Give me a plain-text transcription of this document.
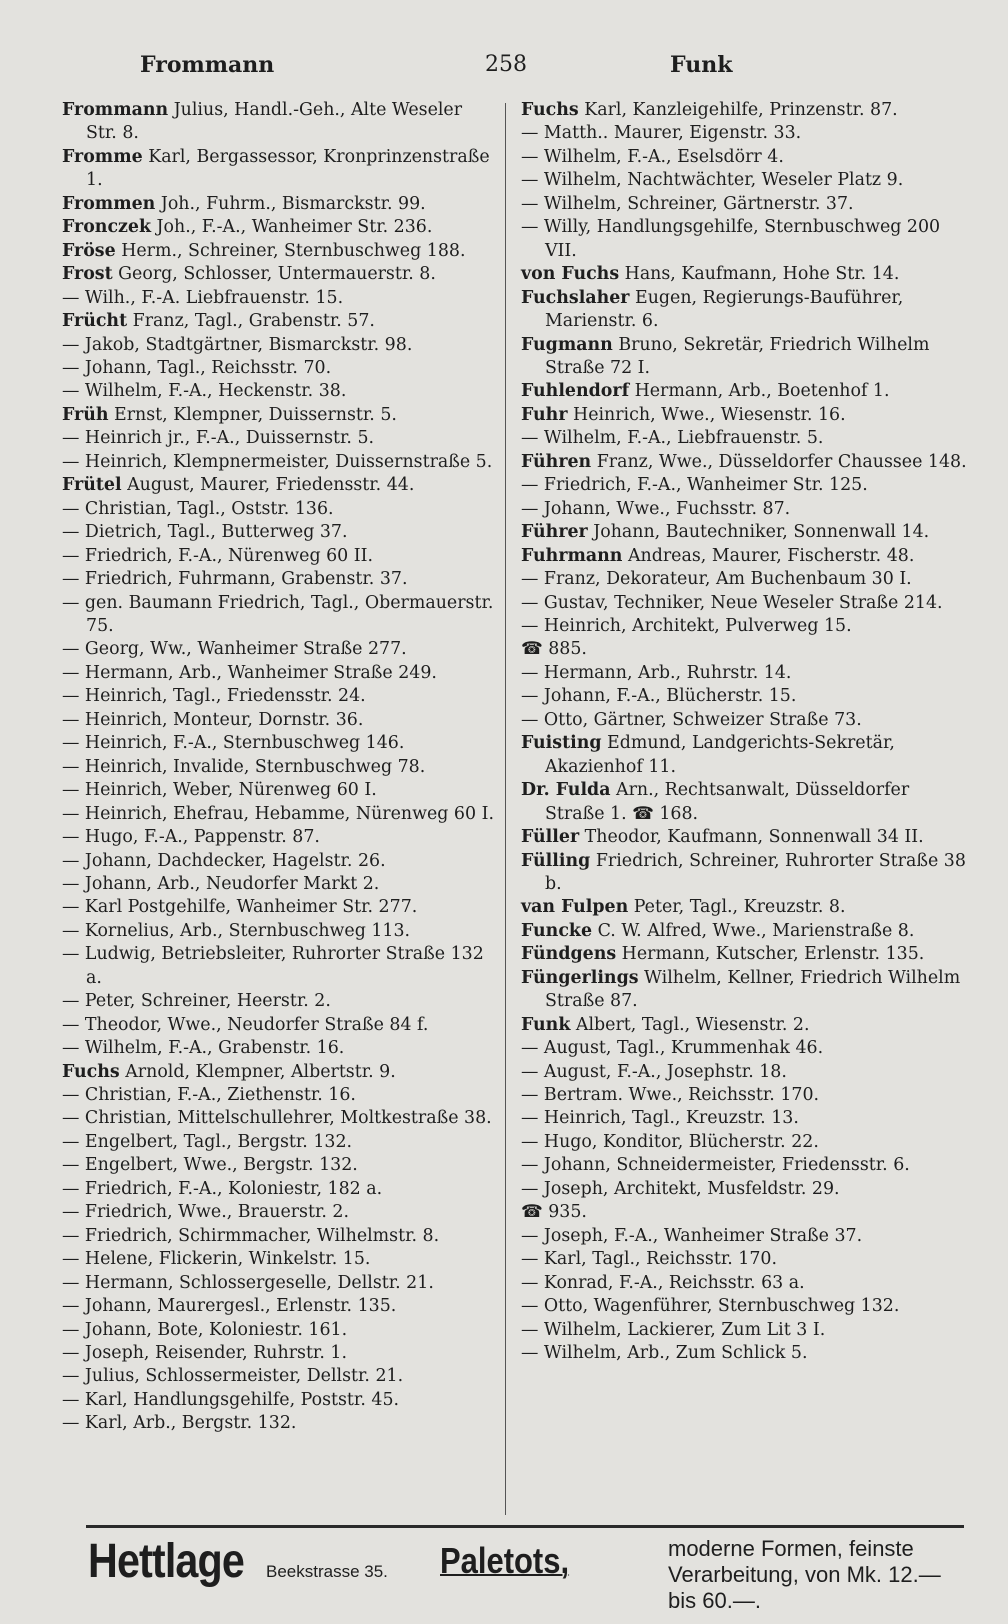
Frommann	258	Funk

Frommann Julius, Handl.-Geh., Alte Weseler Str. 8.

Fromme Karl, Bergassessor, Kronprinzenstraße 1.

Frommen Joh., Fuhrm., Bismarckstr. 99.

Fronczek Joh., F.-A., Wanheimer Str. 236.

Fröse Herm., Schreiner, Sternbuschweg 188.

Frost Georg, Schlosser, Untermauerstr. 8.

— Wilh., F.-A. Liebfrauenstr. 15.

Frücht Franz, Tagl., Grabenstr. 57.

— Jakob, Stadtgärtner, Bismarckstr. 98.

— Johann, Tagl., Reichsstr. 70.

— Wilhelm, F.-A., Heckenstr. 38.

Früh Ernst, Klempner, Duissernstr. 5.

— Heinrich jr., F.-A., Duissernstr. 5.

— Heinrich, Klempnermeister, Duissernstraße 5.

Frütel August, Maurer, Friedensstr. 44.

— Christian, Tagl., Oststr. 136.

— Dietrich, Tagl., Butterweg 37.

— Friedrich, F.-A., Nürenweg 60 II.

— Friedrich, Fuhrmann, Grabenstr. 37.

— gen. Baumann Friedrich, Tagl., Obermauerstr. 75.

— Georg, Ww., Wanheimer Straße 277.

— Hermann, Arb., Wanheimer Straße 249.

— Heinrich, Tagl., Friedensstr. 24.

— Heinrich, Monteur, Dornstr. 36.

— Heinrich, F.-A., Sternbuschweg 146.

— Heinrich, Invalide, Sternbuschweg 78.

— Heinrich, Weber, Nürenweg 60 I.

— Heinrich, Ehefrau, Hebamme, Nürenweg 60 I.

— Hugo, F.-A., Pappenstr. 87.

— Johann, Dachdecker, Hagelstr. 26.

— Johann, Arb., Neudorfer Markt 2.

— Karl Postgehilfe, Wanheimer Str. 277.

— Kornelius, Arb., Sternbuschweg 113.

— Ludwig, Betriebsleiter, Ruhrorter Straße 132 a.

— Peter, Schreiner, Heerstr. 2.

— Theodor, Wwe., Neudorfer Straße 84 f.

— Wilhelm, F.-A., Grabenstr. 16.

Fuchs Arnold, Klempner, Albertstr. 9.

— Christian, F.-A., Ziethenstr. 16.

— Christian, Mittelschullehrer, Moltkestraße 38.

— Engelbert, Tagl., Bergstr. 132.

— Engelbert, Wwe., Bergstr. 132.

— Friedrich, F.-A., Koloniestr, 182 a.

— Friedrich, Wwe., Brauerstr. 2.

— Friedrich, Schirmmacher, Wilhelmstr. 8.

— Helene, Flickerin, Winkelstr. 15.

— Hermann, Schlossergeselle, Dellstr. 21.

— Johann, Maurergesl., Erlenstr. 135.

— Johann, Bote, Koloniestr. 161.

— Joseph, Reisender, Ruhrstr. 1.

— Julius, Schlossermeister, Dellstr. 21.

— Karl, Handlungsgehilfe, Poststr. 45.

— Karl, Arb., Bergstr. 132.

Fuchs Karl, Kanzleigehilfe, Prinzenstr. 87.

— Matth.. Maurer, Eigenstr. 33.

— Wilhelm, F.-A., Eselsdörr 4.

— Wilhelm, Nachtwächter, Weseler Platz 9.

— Wilhelm, Schreiner, Gärtnerstr. 37.

— Willy, Handlungsgehilfe, Sternbuschweg 200 VII.

von Fuchs Hans, Kaufmann, Hohe Str. 14.

Fuchslaher Eugen, Regierungs-Bauführer, Marienstr. 6.

Fugmann Bruno, Sekretär, Friedrich Wilhelm Straße 72 I.

Fuhlendorf Hermann, Arb., Boetenhof 1.

Fuhr Heinrich, Wwe., Wiesenstr. 16.

— Wilhelm, F.-A., Liebfrauenstr. 5.

Führen Franz, Wwe., Düsseldorfer Chaussee 148.

— Friedrich, F.-A., Wanheimer Str. 125.

— Johann, Wwe., Fuchsstr. 87.

Führer Johann, Bautechniker, Sonnenwall 14.

Fuhrmann Andreas, Maurer, Fischerstr. 48.

— Franz, Dekorateur, Am Buchenbaum 30 I.

— Gustav, Techniker, Neue Weseler Straße 214.

— Heinrich, Architekt, Pulverweg 15.

☎ 885.

— Hermann, Arb., Ruhrstr. 14.

— Johann, F.-A., Blücherstr. 15.

— Otto, Gärtner, Schweizer Straße 73.

Fuisting Edmund, Landgerichts-Sekretär, Akazienhof 11.

Dr. Fulda Arn., Rechtsanwalt, Düsseldorfer Straße 1. ☎ 168.

Füller Theodor, Kaufmann, Sonnenwall 34 II.

Fülling Friedrich, Schreiner, Ruhrorter Straße 38 b.

van Fulpen Peter, Tagl., Kreuzstr. 8.

Funcke C. W. Alfred, Wwe., Marienstraße 8.

Fündgens Hermann, Kutscher, Erlenstr. 135.

Füngerlings Wilhelm, Kellner, Friedrich Wilhelm Straße 87.

Funk Albert, Tagl., Wiesenstr. 2.

— August, Tagl., Krummenhak 46.

— August, F.-A., Josephstr. 18.

— Bertram. Wwe., Reichsstr. 170.

— Heinrich, Tagl., Kreuzstr. 13.

— Hugo, Konditor, Blücherstr. 22.

— Johann, Schneidermeister, Friedensstr. 6.

— Joseph, Architekt, Musfeldstr. 29.

☎ 935.

— Joseph, F.-A., Wanheimer Straße 37.

— Karl, Tagl., Reichsstr. 170.

— Konrad, F.-A., Reichsstr. 63 a.

— Otto, Wagenführer, Sternbuschweg 132.

— Wilhelm, Lackierer, Zum Lit 3 I.

— Wilhelm, Arb., Zum Schlick 5.

Hettlage Beekstrasse 35. Paletots,	moderne Formen, feinste Verarbeitung, von Mk. 12.— bis 60.—.
